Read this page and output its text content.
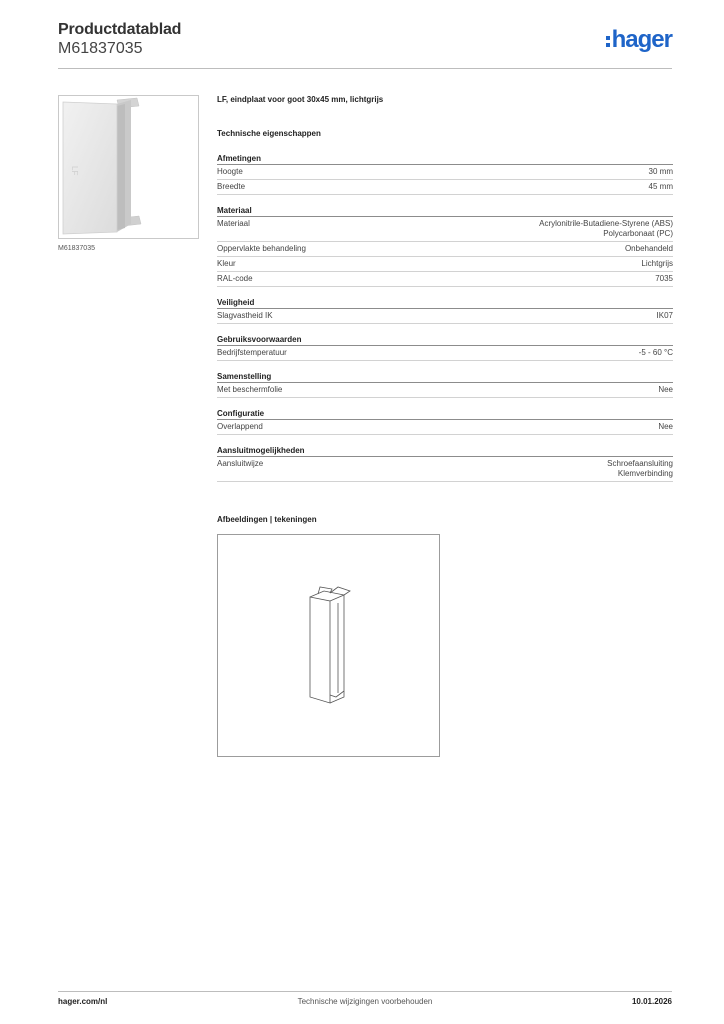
Productdatablad
M61837035	hager
LF
M61837035
LF, eindplaat voor goot 30x45 mm, lichtgrijs
Technische eigenschappen
Afmetingen
Hoogte	30 mm
Breedte	45 mm
Materiaal
Materiaal	Acrylonitrile-Butadiene-Styrene (ABS)
Polycarbonaat (PC)
Oppervlakte behandeling	Onbehandeld
Kleur	Lichtgrijs
RAL-code	7035
Veiligheid
Slagvastheid IK	IK07
Gebruiksvoorwaarden
Bedrijfstemperatuur	-5 - 60 °C
Samenstelling
Met beschermfolie	Nee
Configuratie
Overlappend	Nee
Aansluitmogelijkheden
Aansluitwijze	Schroefaansluiting
Klemverbinding
Afbeeldingen | tekeningen
hager.com/nl	Technische wijzigingen voorbehouden	10.01.2026
